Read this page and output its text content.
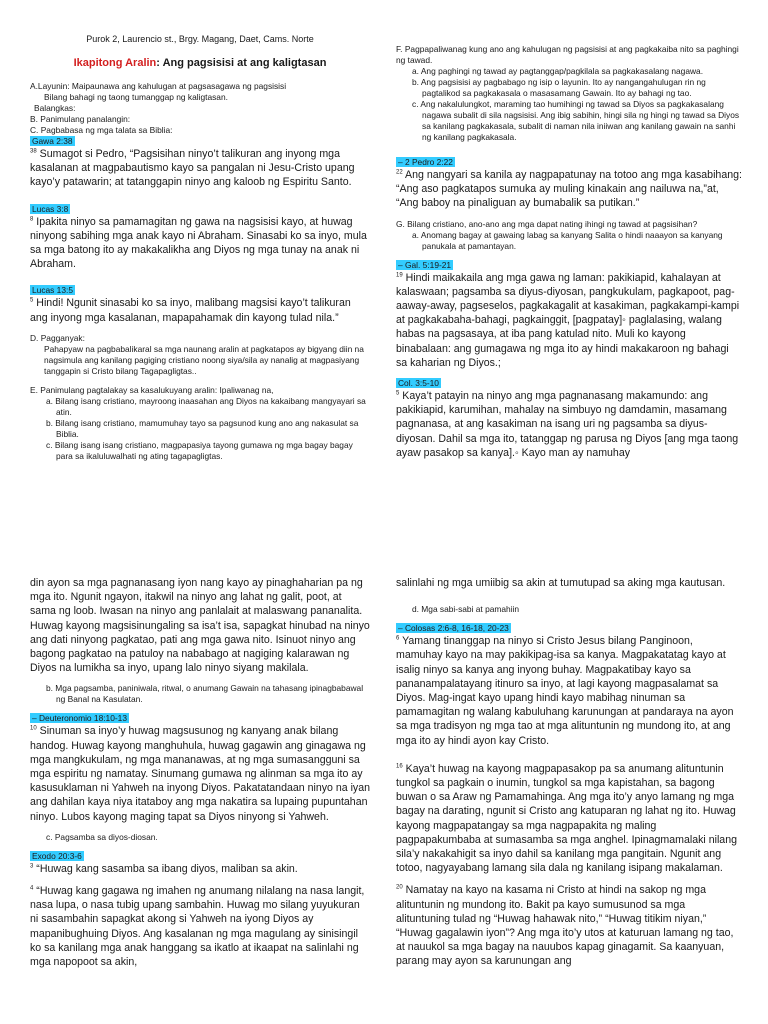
Purok 2, Laurencio st., Brgy. Magang, Daet, Cams. Norte

Ikapitong Aralin: Ang pagsisisi at ang kaligtasan

A.Layunin: Maipaunawa ang kahulugan at pagsasagawa ng pagsisisi

Bilang bahagi ng taong tumanggap ng kaligtasan.

Balangkas:

B. Panimulang panalangin:

C. Pagbabasa ng mga talata sa Biblia:

Gawa 2:38

$^{38}$ Sumagot si Pedro, “Pagsisihan ninyo’t talikuran ang inyong mga kasalanan at magpabautismo kayo sa pangalan ni Jesu-Cristo upang kayo’y patawarin; at tatanggapin ninyo ang kaloob ng Espiritu Santo.

Lucas 3:8

$^8$ Ipakita ninyo sa pamamagitan ng gawa na nagsisisi kayo, at huwag ninyong sabihing mga anak kayo ni Abraham. Sinasabi ko sa inyo, mula sa mga batong ito ay makakalikha ang Diyos ng mga tunay na anak ni Abraham.

Lucas 13:5

$^5$ Hindi! Ngunit sinasabi ko sa inyo, malibang magsisi kayo’t talikuran ang inyong mga kasalanan, mapapahamak din kayong tulad nila.”

D. Pagganyak:

Pahapyaw na pagbabalikaral sa mga naunang aralin at pagkatapos ay bigyang diin na nagsimula ang kanilang pagiging cristiano noong siya/sila ay nanalig at magpasiyang tanggapin si Cristo bilang Tagapagligtas..

E. Panimulang pagtalakay sa kasalukuyang aralin: Ipaliwanag na,

a. Bilang isang cristiano, mayroong inaasahan ang Diyos na kakaibang mangyayari sa atin.

b. Bilang isang cristiano, mamumuhay tayo sa pagsunod kung ano ang nakasulat sa Biblia.

c. Bilang isang isang cristiano, magpapasiya tayong gumawa ng mga bagay bagay para sa ikaluluwalhati ng ating tagapagligtas.

F. Pagpapaliwanag kung ano ang kahulugan ng pagsisisi at ang pagkakaiba nito sa paghingi ng tawad.

a. Ang paghingi ng tawad ay pagtanggap/pagkilala sa pagkakasalang nagawa.

b. Ang pagsisisi ay pagbabago ng isip o layunin. Ito ay nangangahulugan rin ng pagtalikod sa pagkakasala o masasamang Gawain. Ito ay bahagi ng tao.

c. Ang nakalulungkot, maraming tao humihingi ng tawad sa Diyos sa pagkakasalang nagawa subalit di sila nagsisisi. Ang ibig sabihin, hingi sila ng hingi ng tawad sa Diyos sa kanilang pagkakasala, subalit di naman nila iniiwan ang kanilang gawain na sanhi ng kanilang pagkakasala.

– 2 Pedro 2:22

$^{22}$ Ang nangyari sa kanila ay nagpapatunay na totoo ang mga kasabihang: “Ang aso pagkatapos sumuka ay muling kinakain ang nailuwa na,”at, “Ang baboy na pinaliguan ay bumabalik sa putikan.”

G. Bilang cristiano, ano-ano ang mga dapat nating ihingi ng tawad at pagsisihan?

a. Anomang bagay at gawaing labag sa kanyang Salita o hindi naaayon sa kanyang panukala at pamantayan.

– Gal. 5:19-21

$^{19}$ Hindi maikakaila ang mga gawa ng laman: pakikiapid, kahalayan at kalaswaan; pagsamba sa diyus-diyosan, pangkukulam, pagkapoot, pag-aaway-away, pagseselos, pagkakagalit at kasakiman, pagkakampi-kampi at pagkakabaha-bahagi, pagkainggit, [pagpatay]◦ paglalasing, walang habas na pagsasaya, at iba pang katulad nito. Muli ko kayong binabalaan: ang gumagawa ng mga ito ay hindi makakaroon ng bahagi sa kaharian ng Diyos.;

Col. 3:5-10

$^5$ Kaya’t patayin na ninyo ang mga pagnanasang makamundo: ang pakikiapid, karumihan, mahalay na simbuyo ng damdamin, masamang pagnanasa, at ang kasakiman na isang uri ng pagsamba sa diyus-diyosan. Dahil sa mga ito, tatanggap ng parusa ng Diyos [ang mga taong ayaw pasakop sa kanya].◦ Kayo man ay namuhay

din ayon sa mga pagnanasang iyon nang kayo ay pinaghaharian pa ng mga ito. Ngunit ngayon, itakwil na ninyo ang lahat ng galit, poot, at sama ng loob. Iwasan na ninyo ang panlalait at malaswang pananalita. Huwag kayong magsisinungaling sa isa’t isa, sapagkat hinubad na ninyo ang dati ninyong pagkatao, pati ang mga gawa nito. Isinuot ninyo ang bagong pagkatao na patuloy na nababago at nagiging kalarawan ng Diyos na lumikha sa inyo, upang lalo ninyo siyang makilala.

b. Mga pagsamba, paniniwala, ritwal, o anumang Gawain na tahasang ipinagbabawal ng Banal na Kasulatan.

– Deuteronomio 18:10-13

$^{10}$ Sinuman sa inyo’y huwag magsusunog ng kanyang anak bilang handog. Huwag kayong manghuhula, huwag gagawin ang ginagawa ng mga mangkukulam, ng mga mananawas, at ng mga sumasangguni sa mga espiritu ng namatay. Sinumang gumawa ng alinman sa mga ito ay kasusuklaman ni Yahweh na inyong Diyos. Pakatatandaan ninyo na iyan ang dahilan kaya niya itataboy ang mga nakatira sa lupaing pupuntahan ninyo. Lubos kayong maging tapat sa Diyos ninyong si Yahweh.

c. Pagsamba sa diyos-diosan.

Exodo 20:3-6

$^3$ “Huwag kang sasamba sa ibang diyos, maliban sa akin.

$^4$ “Huwag kang gagawa ng imahen ng anumang nilalang na nasa langit, nasa lupa, o nasa tubig upang sambahin. Huwag mo silang yuyukuran ni sasambahin sapagkat akong si Yahweh na iyong Diyos ay mapanibughuing Diyos. Ang kasalanan ng mga magulang ay sinisingil ko sa kanilang mga anak hanggang sa ikatlo at ikaapat na salinlahi ng mga napopoot sa akin,

salinlahi ng mga umiibig sa akin at tumutupad sa aking mga kautusan.

d. Mga sabi-sabi at pamahiin

– Colosas 2:6-8, 16-18, 20-23

$^6$ Yamang tinanggap na ninyo si Cristo Jesus bilang Panginoon, mamuhay kayo na may pakikipag-isa sa kanya. Magpakatatag kayo at isalig ninyo sa kanya ang inyong buhay. Magpakatibay kayo sa pananampalatayang itinuro sa inyo, at lagi kayong magpasalamat sa Diyos. Mag-ingat kayo upang hindi kayo mabihag ninuman sa pamamagitan ng walang kabuluhang karunungan at pandaraya na ayon sa mga tradisyon ng mga tao at mga alituntunin ng mundong ito, at ang mga ito ay hindi ayon kay Cristo.

$^{16}$ Kaya’t huwag na kayong magpapasakop pa sa anumang alituntunin tungkol sa pagkain o inumin, tungkol sa mga kapistahan, sa bagong buwan o sa Araw ng Pamamahinga. Ang mga ito’y anyo lamang ng mga bagay na darating, ngunit si Cristo ang katuparan ng lahat ng ito. Huwag kayong magpapatangay sa mga nagpapakita ng maling pagpapakumbaba at sumasamba sa mga anghel. Ipinagmamalaki nilang sila’y nakakahigit sa inyo dahil sa kanilang mga pangitain. Ngunit ang totoo, nagyayabang lamang sila dala ng kanilang isipang makalaman.

$^{20}$ Namatay na kayo na kasama ni Cristo at hindi na sakop ng mga alituntunin ng mundong ito. Bakit pa kayo sumusunod sa mga alituntuning tulad ng “Huwag hahawak nito,” “Huwag titikim niyan,” “Huwag gagalawin iyon”? Ang mga ito’y utos at katuruan lamang ng tao, at nauukol sa mga bagay na nauubos kapag ginagamit. Sa kaanyuan, parang may ayon sa karunungan ang
